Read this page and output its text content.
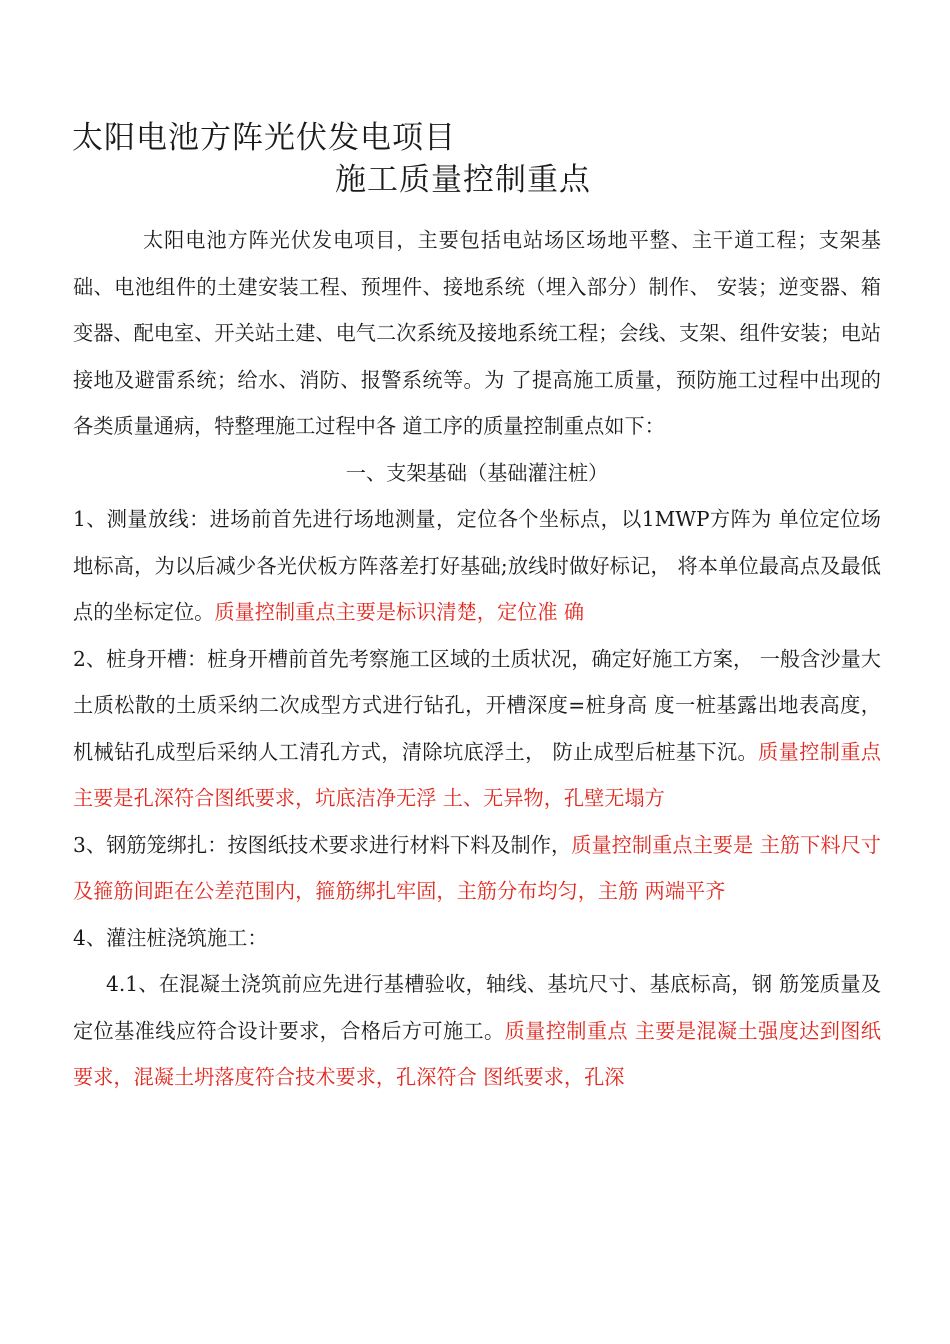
太阳电池方阵光伏发电项目
施工质量控制重点

太阳电池方阵光伏发电项目，主要包括电站场区场地平整、主干道工程；支架基础、电池组件的土建安装工程、预埋件、接地系统（埋入部分）制作、 安装；逆变器、箱变器、配电室、开关站土建、电气二次系统及接地系统工程；会线、支架、组件安装；电站接地及避雷系统；给水、消防、报警系统等。为 了提高施工质量，预防施工过程中出现的各类质量通病，特整理施工过程中各 道工序的质量控制重点如下：

一、支架基础（基础灌注桩）

1、测量放线：进场前首先进行场地测量，定位各个坐标点，以1MWP方阵为 单位定位场地标高，为以后减少各光伏板方阵落差打好基础;放线时做好标记， 将本单位最高点及最低点的坐标定位。质量控制重点主要是标识清楚，定位准 确

2、桩身开槽：桩身开槽前首先考察施工区域的土质状况，确定好施工方案， 一般含沙量大土质松散的土质采纳二次成型方式进行钻孔，开槽深度=桩身高 度一桩基露出地表高度，机械钻孔成型后采纳人工清孔方式，清除坑底浮土， 防止成型后桩基下沉。质量控制重点主要是孔深符合图纸要求，坑底洁净无浮 土、无异物，孔壁无塌方

3、钢筋笼绑扎：按图纸技术要求进行材料下料及制作，质量控制重点主要是 主筋下料尺寸及箍筋间距在公差范围内，箍筋绑扎牢固，主筋分布均匀，主筋 两端平齐

4、灌注桩浇筑施工：

4.1、在混凝土浇筑前应先进行基槽验收，轴线、基坑尺寸、基底标高，钢 筋笼质量及定位基准线应符合设计要求，合格后方可施工。质量控制重点 主要是混凝土强度达到图纸要求，混凝土坍落度符合技术要求，孔深符合 图纸要求，孔深
